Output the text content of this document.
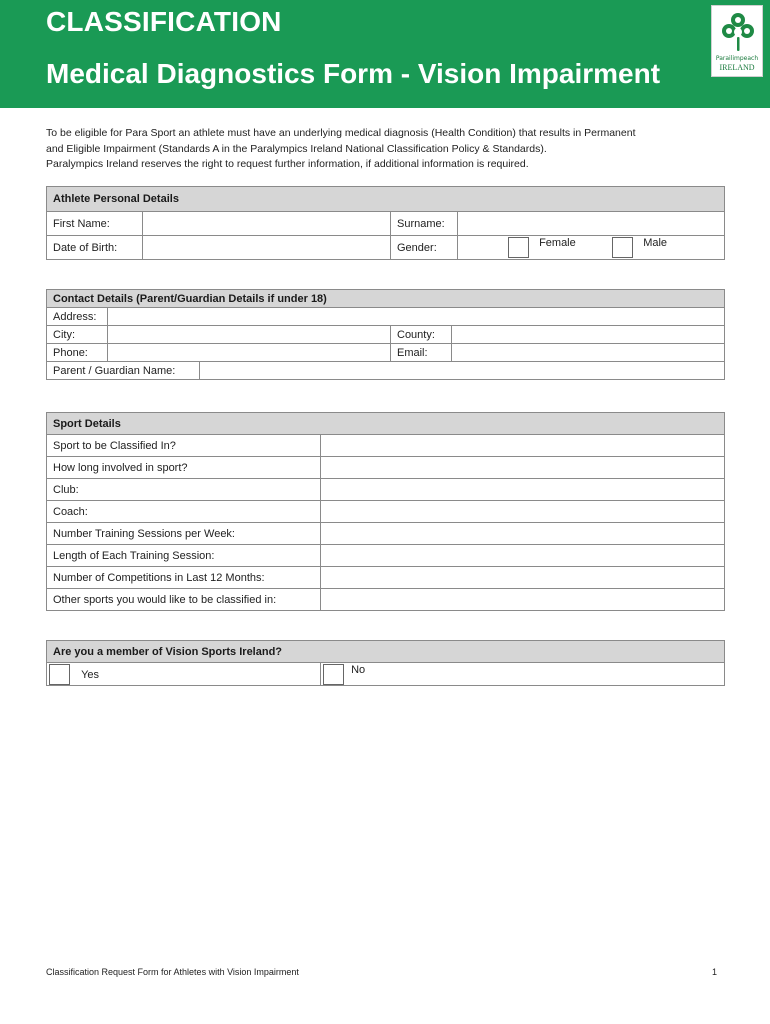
CLASSIFICATION
Medical Diagnostics Form - Vision Impairment	Parailimpeach
IRELAND

To be eligible for Para Sport an athlete must have an underlying medical diagnosis (Health Condition) that results in Permanent

and Eligible Impairment (Standards A in the Paralympics Ireland National Classification Policy & Standards).

Paralympics Ireland reserves the right to request further information, if additional information is required.

Athlete Personal Details			
First Name:		Surname:	
Date of Birth:		Gender:	Female Male
Contact Details (Parent/Guardian Details if under 18)				
Address:				
City:			County:	
Phone:			Email:	
Parent / Guardian Name:				
Sport Details	
Sport to be Classified In?	
How long involved in sport?	
Club:	
Coach:	
Number Training Sessions per Week:	
Length of Each Training Session:	
Number of Competitions in Last 12 Months:	
Other sports you would like to be classified in:	
Are you a member of Vision Sports Ireland?
Yes	No
Classification Request Form for Athletes with Vision Impairment	1
